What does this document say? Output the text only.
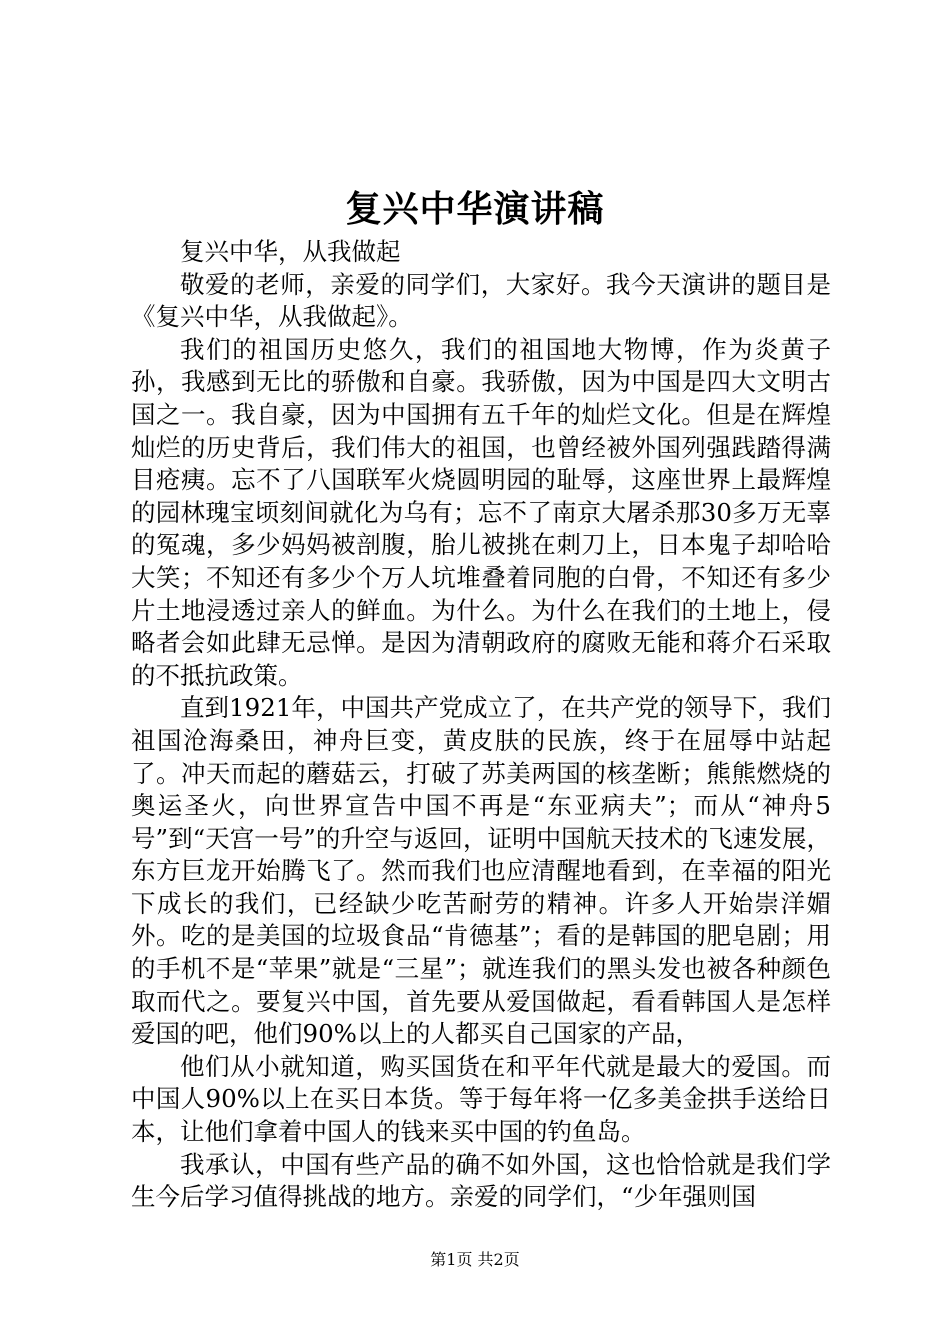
复兴中华演讲稿

复兴中华，从我做起

敬爱的老师，亲爱的同学们，大家好。我今天演讲的题目是《复兴中华，从我做起》。

我们的祖国历史悠久，我们的祖国地大物博，作为炎黄子孙，我感到无比的骄傲和自豪。我骄傲，因为中国是四大文明古国之一。我自豪，因为中国拥有五千年的灿烂文化。但是在辉煌灿烂的历史背后，我们伟大的祖国，也曾经被外国列强践踏得满目疮痍。忘不了八国联军火烧圆明园的耻辱，这座世界上最辉煌的园林瑰宝顷刻间就化为乌有；忘不了南京大屠杀那30多万无辜的冤魂，多少妈妈被剖腹，胎儿被挑在刺刀上，日本鬼子却哈哈大笑；不知还有多少个万人坑堆叠着同胞的白骨，不知还有多少片土地浸透过亲人的鲜血。为什么。为什么在我们的土地上，侵略者会如此肆无忌惮。是因为清朝政府的腐败无能和蒋介石采取的不抵抗政策。

直到1921年，中国共产党成立了，在共产党的领导下，我们祖国沧海桑田，神舟巨变，黄皮肤的民族，终于在屈辱中站起了。冲天而起的蘑菇云，打破了苏美两国的核垄断；熊熊燃烧的奥运圣火，向世界宣告中国不再是“东亚病夫”；而从“神舟5号”到“天宫一号”的升空与返回，证明中国航天技术的飞速发展，东方巨龙开始腾飞了。然而我们也应清醒地看到，在幸福的阳光下成长的我们，已经缺少吃苦耐劳的精神。许多人开始崇洋媚外。吃的是美国的垃圾食品“肯德基”；看的是韩国的肥皂剧；用的手机不是“苹果”就是“三星”；就连我们的黑头发也被各种颜色取而代之。要复兴中国，首先要从爱国做起，看看韩国人是怎样爱国的吧，他们90%以上的人都买自己国家的产品，

他们从小就知道，购买国货在和平年代就是最大的爱国。而中国人90%以上在买日本货。等于每年将一亿多美金拱手送给日本，让他们拿着中国人的钱来买中国的钓鱼岛。

我承认，中国有些产品的确不如外国，这也恰恰就是我们学生今后学习值得挑战的地方。亲爱的同学们，“少年强则国

第1页 共2页
